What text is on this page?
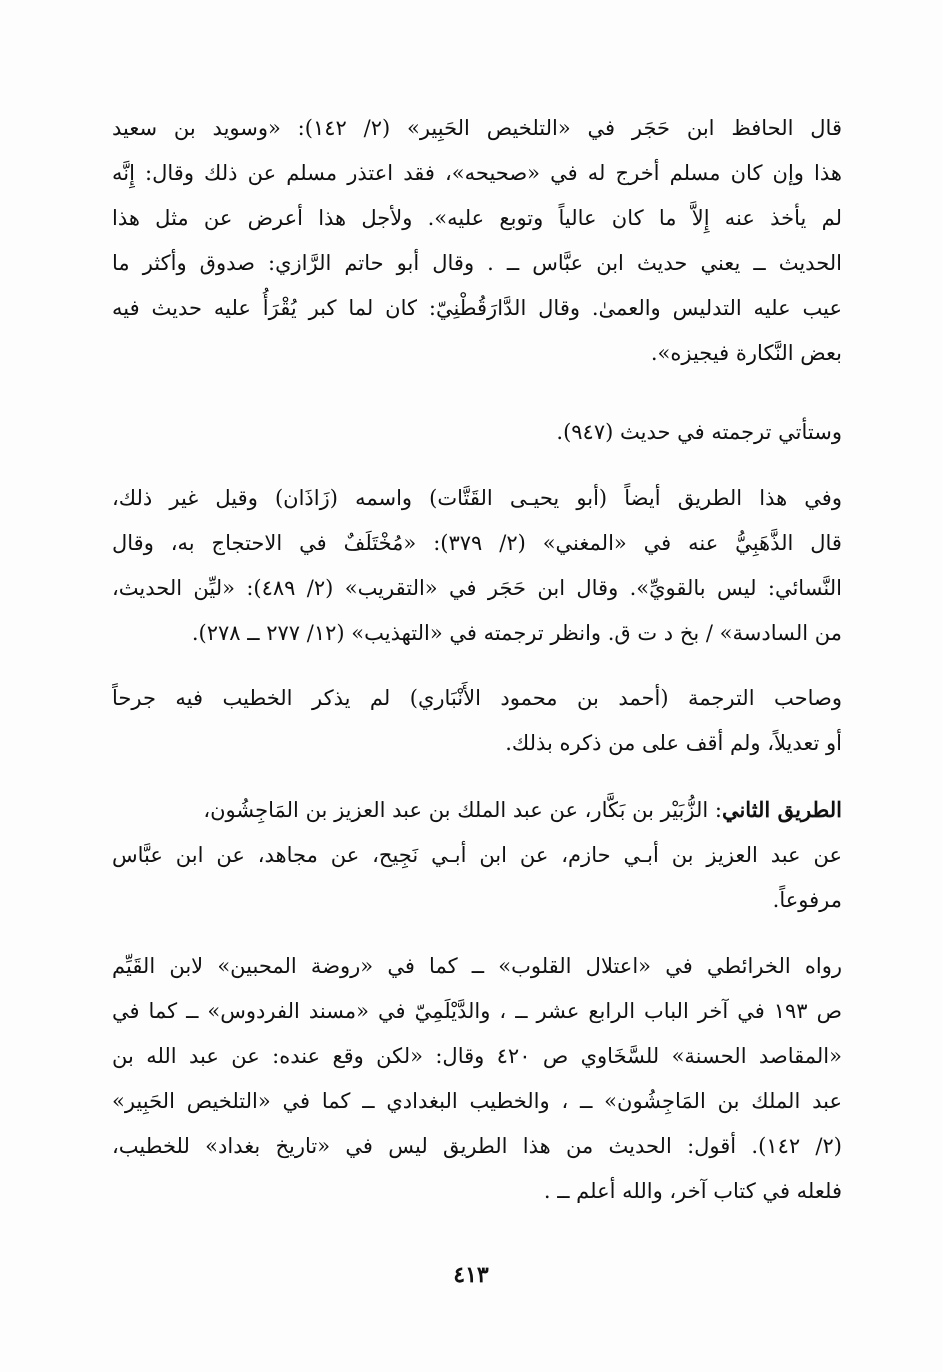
قال الحافظ ابن حَجَر في «التلخيص الحَبِير» (٢/ ١٤٢): «وسويد بن سعيد
هذا وإن كان مسلم أخرج له في «صحيحه»، فقد اعتذر مسلم عن ذلك وقال: إِنَّه
لم يأخذ عنه إِلاَّ ما كان عالياً وتوبع عليه». ولأجل هذا أعرض عن مثل هذا
الحديث ــ يعني حديث ابن عبَّاس ــ . وقال أبو حاتم الرَّازي: صدوق وأكثر ما
عيب عليه التدليس والعمىٰ. وقال الدَّارَقُطْنِيّ: كان لما كبر يُقْرَأُ عليه حديث فيه
بعض النَّكارة فيجيزه».
وستأتي ترجمته في حديث (٩٤٧).
وفي هذا الطريق أيضاً (أبو يحيـى القَتَّات) واسمه (زَاذَان) وقيل غير ذلك،
قال الذَّهَبِيُّ عنه في «المغني» (٢/ ٣٧٩): «مُخْتَلَفٌ في الاحتجاج به، وقال
النَّسائي: ليس بالقويِّ». وقال ابن حَجَر في «التقريب» (٢/ ٤٨٩): «ليِّن الحديث،
من السادسة» / بخ د ت ق. وانظر ترجمته في «التهذيب» (١٢/ ٢٧٧ ــ ٢٧٨).
وصاحب الترجمة (أحمد بن محمود الأَنْبَاري) لم يذكر الخطيب فيه جرحاً
أو تعديلاً، ولم أقف على من ذكره بذلك.
الطريق الثاني: الزُّبَيْر بن بَكَّار، عن عبد الملك بن عبد العزيز بن المَاجِشُون،
عن عبد العزيز بن أبـي حازم، عن ابن أبـي نَجِيح، عن مجاهد، عن ابن عبَّاس
مرفوعاً.
رواه الخرائطي في «اعتلال القلوب» ــ كما في «روضة المحبين» لابن القَيِّم
ص ١٩٣ في آخر الباب الرابع عشر ــ ، والدَّيْلَمِيّ في «مسند الفردوس» ــ كما في
«المقاصد الحسنة» للسَّخَاوي ص ٤٢٠ وقال: «لكن وقع عنده: عن عبد الله بن
عبد الملك بن المَاجِشُون» ــ ، والخطيب البغدادي ــ كما في «التلخيص الحَبِير»
(٢/ ١٤٢). أقول: الحديث من هذا الطريق ليس في «تاريخ بغداد» للخطيب،
فلعله في كتاب آخر، والله أعلم ــ .
٤١٣
